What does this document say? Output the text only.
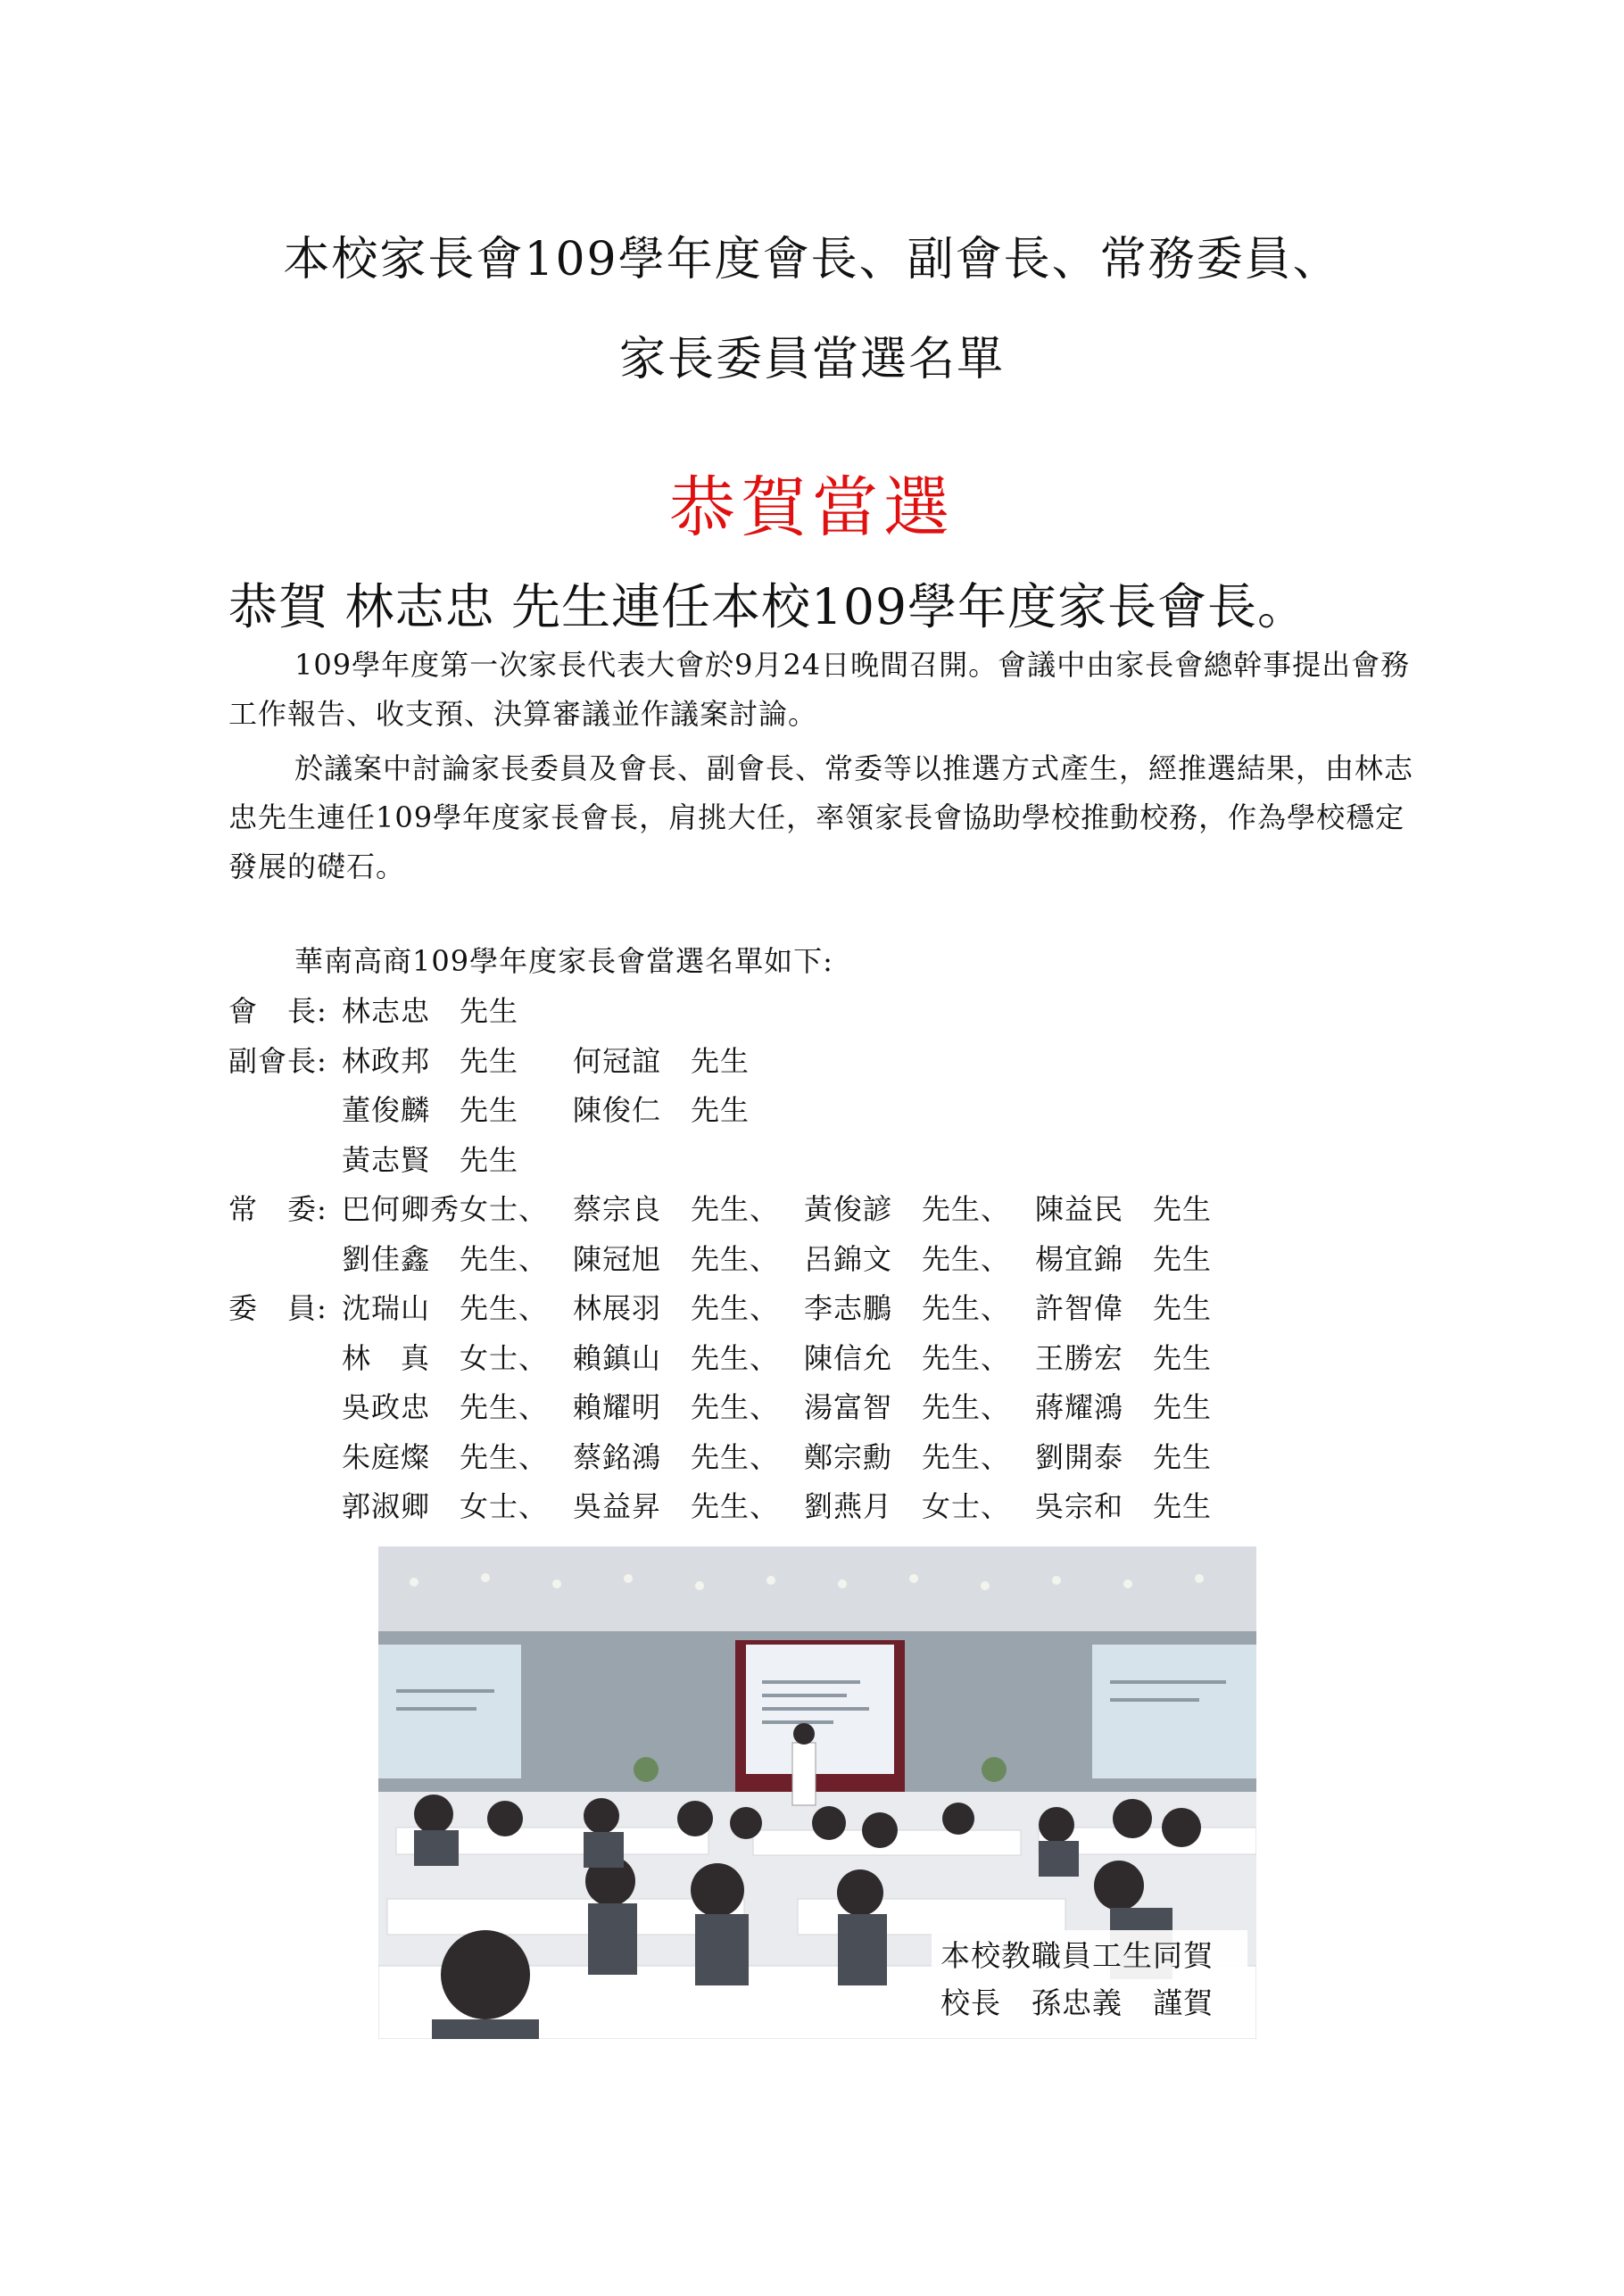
本校家長會109學年度會長、副會長、常務委員、
家長委員當選名單
恭賀當選

恭賀 林志忠 先生連任本校109學年度家長會長。

109學年度第一次家長代表大會於9月24日晚間召開。會議中由家長會總幹事提出會務工作報告、收支預、決算審議並作議案討論。

於議案中討論家長委員及會長、副會長、常委等以推選方式產生，經推選結果，由林志忠先生連任109學年度家長會長，肩挑大任，率領家長會協助學校推動校務，作為學校穩定發展的礎石。

華南高商109學年度家長會當選名單如下:

會　長: 林志忠　先生
副會長: 林政邦　先生 何冠誼　先生
董俊麟　先生 陳俊仁　先生
黃志賢　先生
常　委: 巴何卿秀女士、 蔡宗良　先生、 黃俊諺　先生、 陳益民　先生
劉佳鑫　先生、 陳冠旭　先生、 呂錦文　先生、 楊宜錦　先生
委　員: 沈瑞山　先生、 林展羽　先生、 李志鵬　先生、 許智偉　先生
林　真　女士、 賴鎮山　先生、 陳信允　先生、 王勝宏　先生
吳政忠　先生、 賴耀明　先生、 湯富智　先生、 蔣耀鴻　先生
朱庭燦　先生、 蔡銘鴻　先生、 鄭宗勳　先生、 劉開泰　先生
郭淑卿　女士、 吳益昇　先生、 劉燕月　女士、 吳宗和　先生
本校教職員工生同賀
校長　孫忠義　謹賀
